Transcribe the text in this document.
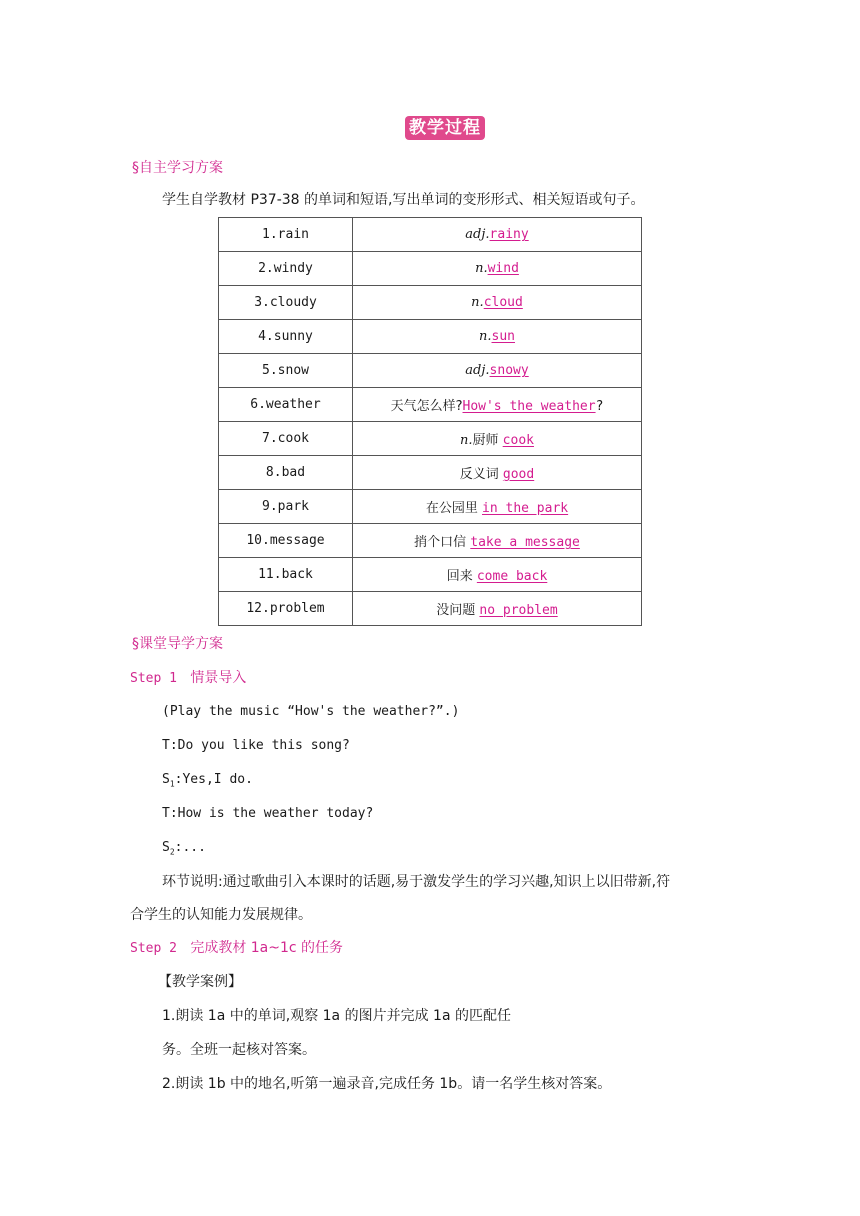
教学过程
§自主学习方案
学生自学教材 P37-38 的单词和短语,写出单词的变形形式、相关短语或句子。
1.rain	adj.rainy
2.windy	n.wind
3.cloudy	n.cloud
4.sunny	n.sun
5.snow	adj.snowy
6.weather	天气怎么样?How's the weather?
7.cook	n.厨师 cook
8.bad	反义词 good
9.park	在公园里 in the park
10.message	捎个口信 take a message
11.back	回来 come back
12.problem	没问题 no problem
§课堂导学方案
Step 1 情景导入
(Play the music “How's the weather?”.)
T:Do you like this song?
$S_1:Yes,I$ do.
T:How is the weather today?
$S_2$:...
环节说明:通过歌曲引入本课时的话题,易于激发学生的学习兴趣,知识上以旧带新,符
合学生的认知能力发展规律。
Step 2 完成教材 1a~1c 的任务
【教学案例】
1.朗读 1a 中的单词,观察 1a 的图片并完成 1a 的匹配任
务。全班一起核对答案。
2.朗读 1b 中的地名,听第一遍录音,完成任务 1b。请一名学生核对答案。
